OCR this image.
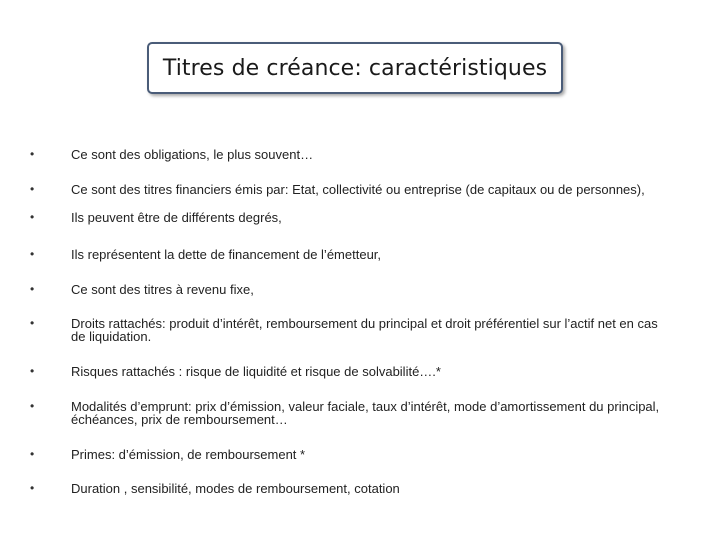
Titres de créance: caractéristiques
•	Ce sont des obligations, le plus souvent…
•	Ce sont des titres financiers émis par: Etat, collectivité ou entreprise (de capitaux ou de personnes),
•	Ils peuvent être de différents degrés,
•	Ils représentent la dette de financement de l’émetteur,
•	Ce sont des titres à revenu fixe,
•	Droits rattachés: produit d’intérêt, remboursement du principal et droit préférentiel sur l’actif net en cas de liquidation.
•	Risques rattachés : risque de liquidité et risque de solvabilité….*
•	Modalités d’emprunt: prix d’émission, valeur faciale, taux d’intérêt, mode d’amortissement du principal, échéances, prix de remboursement…
•	Primes: d’émission, de remboursement *
•	Duration , sensibilité, modes de remboursement, cotation
